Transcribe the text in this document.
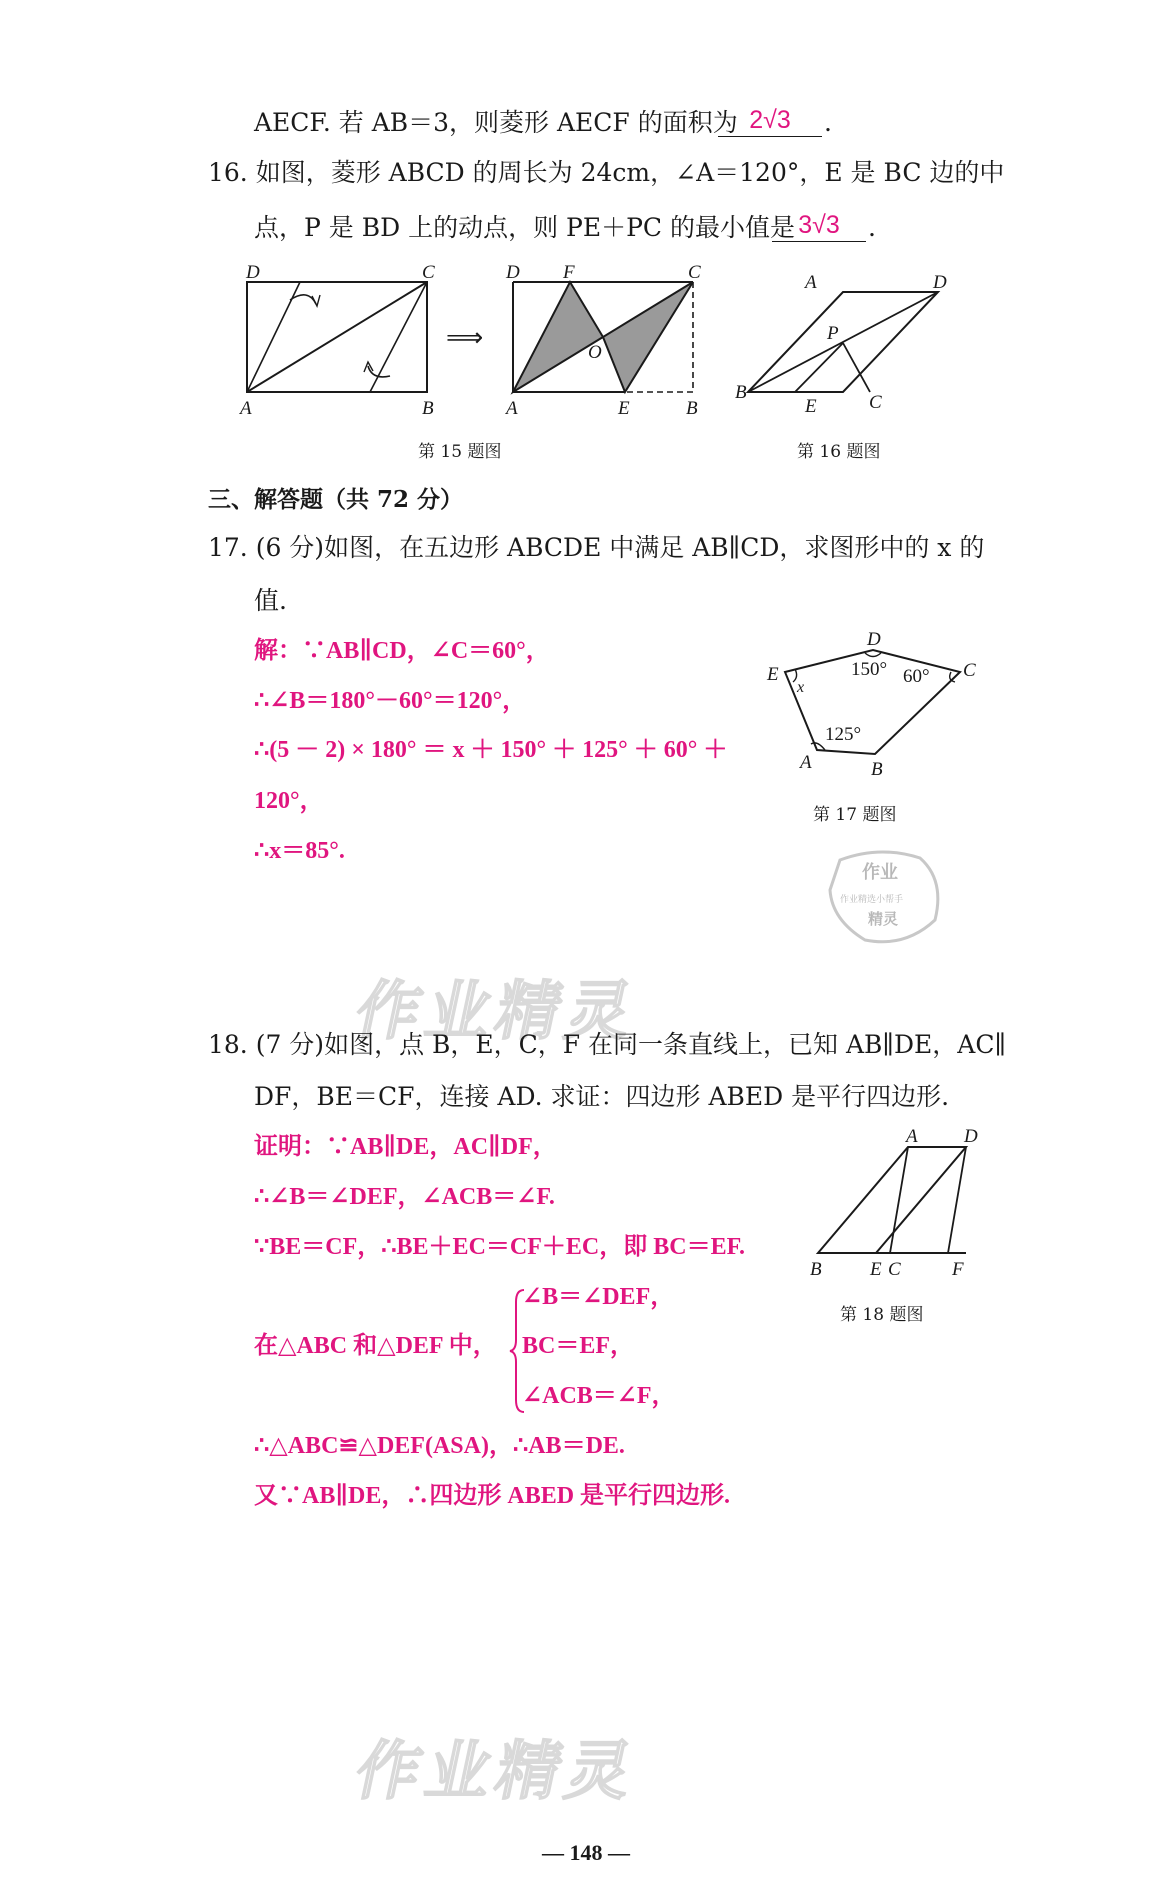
AECF. 若 AB＝3，则菱形 AECF 的面积为 2√3	.
16. 如图，菱形 ABCD 的周长为 24cm，∠A＝120°，E 是 BC 边的中
点，P 是 BD 上的动点，则 PE＋PC 的最小值是 3√3	.
D	C
A	B
⟹
D F	C
O
A	E	B
第 15 题图
A	D
P
B
E	C
第 16 题图
三、解答题（共 72 分）
17. (6 分)如图，在五边形 ABCDE 中满足 AB∥CD，求图形中的 x 的
值.
解：∵AB∥CD，∠C＝60°，
∴∠B＝180°－60°＝120°，
∴(5 － 2) × 180° ＝ x ＋ 150° ＋ 125° ＋ 60° ＋
120°，
∴x＝85°.
D
E	C
A	B
x
150° 60°
125°
第 17 题图
作业
作业精选小帮手
精灵
作业精灵
18. (7 分)如图，点 B，E，C，F 在同一条直线上，已知 AB∥DE，AC∥
DF，BE＝CF，连接 AD. 求证：四边形 ABED 是平行四边形.
证明：∵AB∥DE，AC∥DF，
∴∠B＝∠DEF，∠ACB＝∠F.
∵BE＝CF，∴BE＋EC＝CF＋EC，即 BC＝EF.
在△ABC 和△DEF 中，
∠B＝∠DEF，
BC＝EF，
∠ACB＝∠F，
∴△ABC≌△DEF(ASA)，∴AB＝DE.
又∵AB∥DE，∴四边形 ABED 是平行四边形.
A D
B	E C	F
第 18 题图
作业精灵
— 148 —
